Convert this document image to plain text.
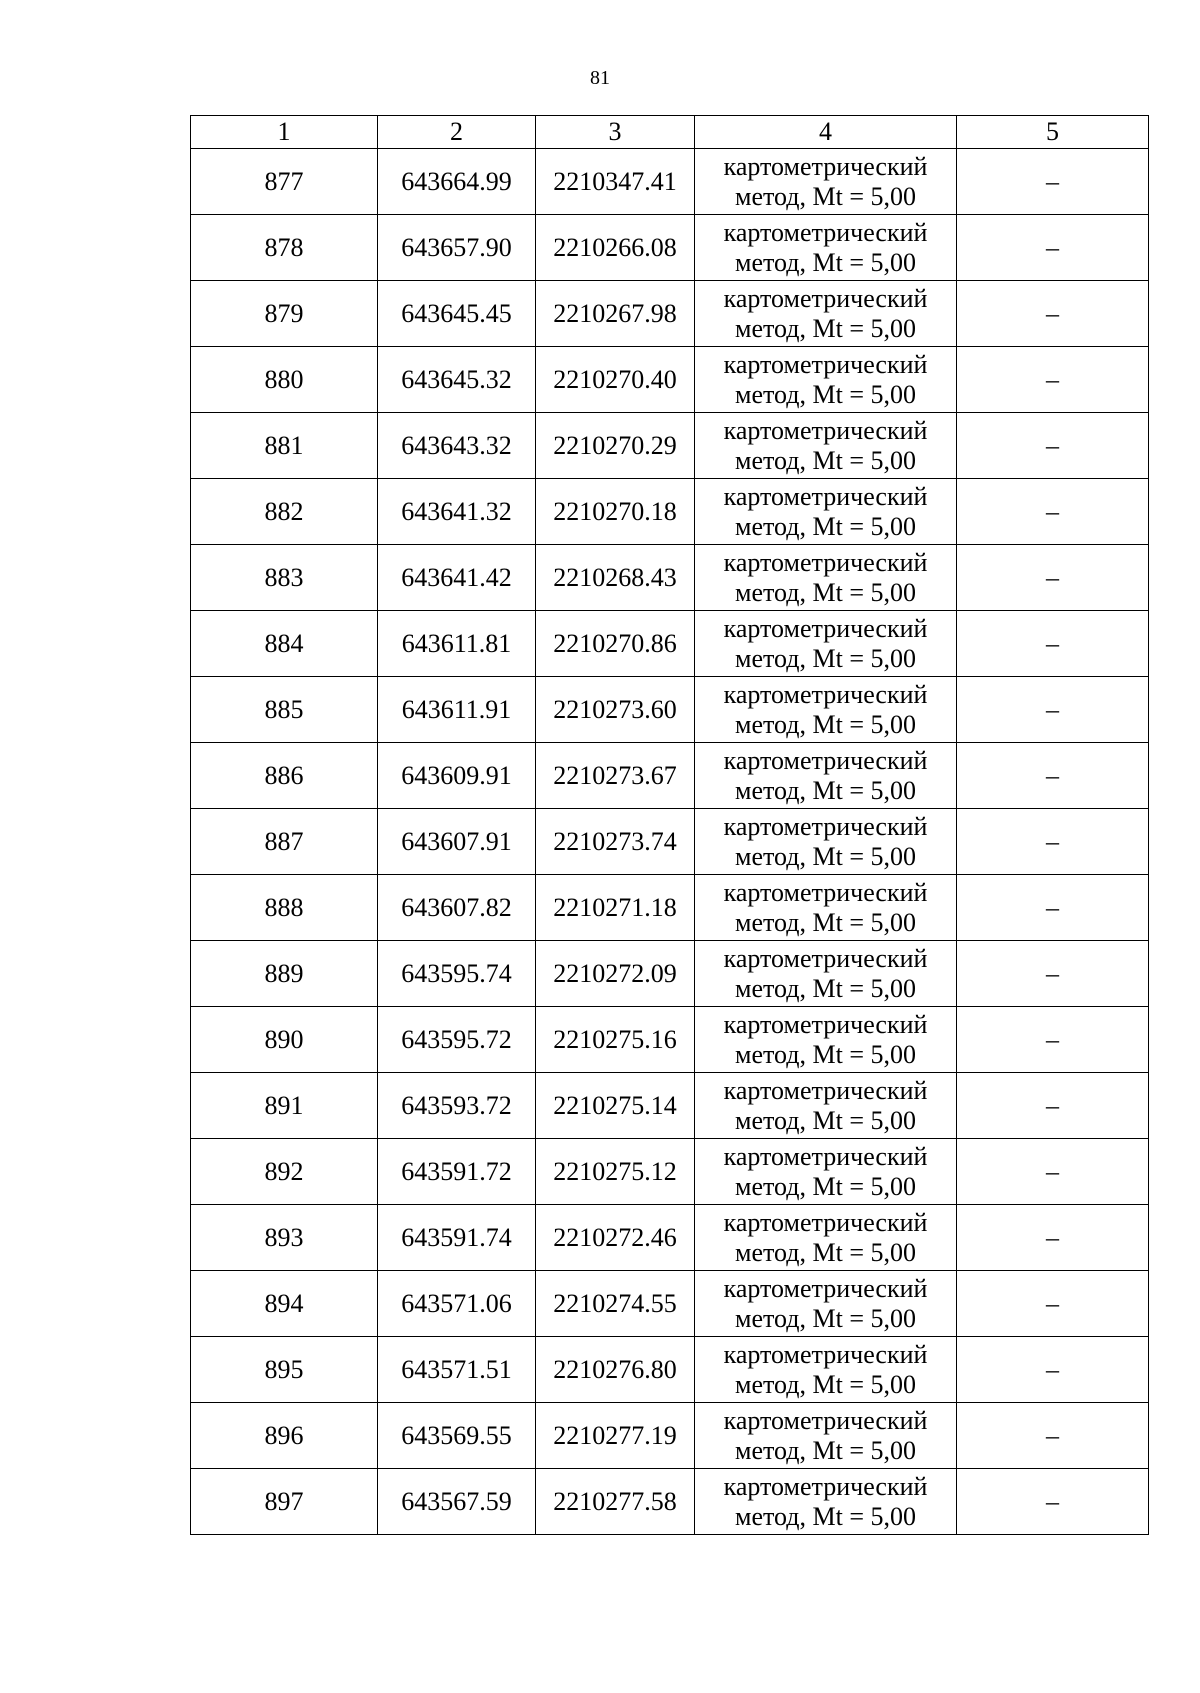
81
1	2	3	4	5
877	643664.99	2210347.41	картометрический
метод, Mt = 5,00	–
878	643657.90	2210266.08	картометрический
метод, Mt = 5,00	–
879	643645.45	2210267.98	картометрический
метод, Mt = 5,00	–
880	643645.32	2210270.40	картометрический
метод, Mt = 5,00	–
881	643643.32	2210270.29	картометрический
метод, Mt = 5,00	–
882	643641.32	2210270.18	картометрический
метод, Mt = 5,00	–
883	643641.42	2210268.43	картометрический
метод, Mt = 5,00	–
884	643611.81	2210270.86	картометрический
метод, Mt = 5,00	–
885	643611.91	2210273.60	картометрический
метод, Mt = 5,00	–
886	643609.91	2210273.67	картометрический
метод, Mt = 5,00	–
887	643607.91	2210273.74	картометрический
метод, Mt = 5,00	–
888	643607.82	2210271.18	картометрический
метод, Mt = 5,00	–
889	643595.74	2210272.09	картометрический
метод, Mt = 5,00	–
890	643595.72	2210275.16	картометрический
метод, Mt = 5,00	–
891	643593.72	2210275.14	картометрический
метод, Mt = 5,00	–
892	643591.72	2210275.12	картометрический
метод, Mt = 5,00	–
893	643591.74	2210272.46	картометрический
метод, Mt = 5,00	–
894	643571.06	2210274.55	картометрический
метод, Mt = 5,00	–
895	643571.51	2210276.80	картометрический
метод, Mt = 5,00	–
896	643569.55	2210277.19	картометрический
метод, Mt = 5,00	–
897	643567.59	2210277.58	картометрический
метод, Mt = 5,00	–
